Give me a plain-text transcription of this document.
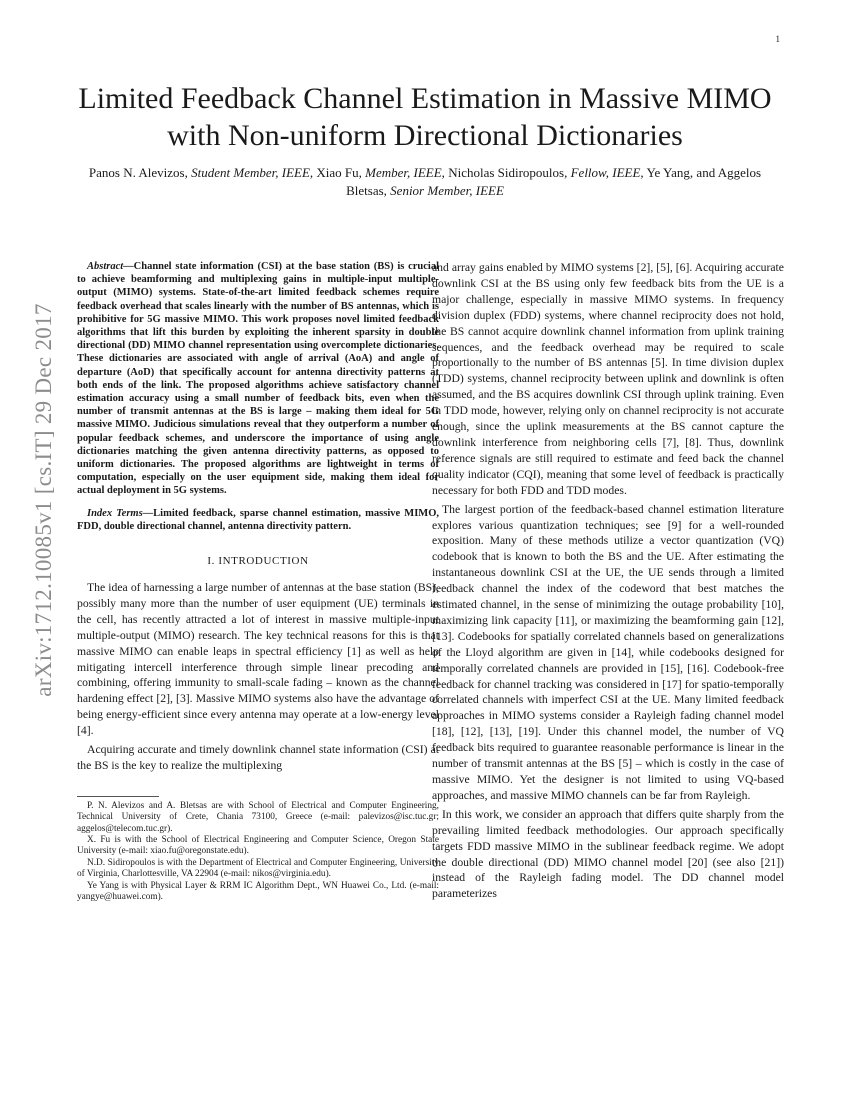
1
arXiv:1712.10085v1 [cs.IT] 29 Dec 2017
Limited Feedback Channel Estimation in Massive MIMO with Non-uniform Directional Dictionaries
Panos N. Alevizos, Student Member, IEEE, Xiao Fu, Member, IEEE, Nicholas Sidiropoulos, Fellow, IEEE, Ye Yang, and Aggelos Bletsas, Senior Member, IEEE

Abstract—Channel state information (CSI) at the base station (BS) is crucial to achieve beamforming and multiplexing gains in multiple-input multiple-output (MIMO) systems. State-of-the-art limited feedback schemes require feedback overhead that scales linearly with the number of BS antennas, which is prohibitive for 5G massive MIMO. This work proposes novel limited feedback algorithms that lift this burden by exploiting the inherent sparsity in double directional (DD) MIMO channel representation using overcomplete dictionaries. These dictionaries are associated with angle of arrival (AoA) and angle of departure (AoD) that specifically account for antenna directivity patterns at both ends of the link. The proposed algorithms achieve satisfactory channel estimation accuracy using a small number of feedback bits, even when the number of transmit antennas at the BS is large – making them ideal for 5G massive MIMO. Judicious simulations reveal that they outperform a number of popular feedback schemes, and underscore the importance of using angle dictionaries matching the given antenna directivity patterns, as opposed to uniform dictionaries. The proposed algorithms are lightweight in terms of computation, especially on the user equipment side, making them ideal for actual deployment in 5G systems.

Index Terms—Limited feedback, sparse channel estimation, massive MIMO, FDD, double directional channel, antenna directivity pattern.

I. INTRODUCTION

The idea of harnessing a large number of antennas at the base station (BS), possibly many more than the number of user equipment (UE) terminals in the cell, has recently attracted a lot of interest in massive multiple-input multiple-output (MIMO) research. The key technical reasons for this is that massive MIMO can enable leaps in spectral efficiency [1] as well as help mitigating intercell interference through simple linear precoding and combining, offering immunity to small-scale fading – known as the channel hardening effect [2], [3]. Massive MIMO systems also have the advantage of being energy-efficient since every antenna may operate at a low-energy level [4].

Acquiring accurate and timely downlink channel state information (CSI) at the BS is the key to realize the multiplexing

P. N. Alevizos and A. Bletsas are with School of Electrical and Computer Engineering, Technical University of Crete, Chania 73100, Greece (e-mail: palevizos@isc.tuc.gr; aggelos@telecom.tuc.gr).

X. Fu is with the School of Electrical Engineering and Computer Science, Oregon State University (e-mail: xiao.fu@oregonstate.edu).

N.D. Sidiropoulos is with the Department of Electrical and Computer Engineering, University of Virginia, Charlottesville, VA 22904 (e-mail: nikos@virginia.edu).

Ye Yang is with Physical Layer & RRM IC Algorithm Dept., WN Huawei Co., Ltd. (e-mail: yangye@huawei.com).

and array gains enabled by MIMO systems [2], [5], [6]. Acquiring accurate downlink CSI at the BS using only few feedback bits from the UE is a major challenge, especially in massive MIMO systems. In frequency division duplex (FDD) systems, where channel reciprocity does not hold, the BS cannot acquire downlink channel information from uplink training sequences, and the feedback overhead may be required to scale proportionally to the number of BS antennas [5]. In time division duplex (TDD) systems, channel reciprocity between uplink and downlink is often assumed, and the BS acquires downlink CSI through uplink training. Even in TDD mode, however, relying only on channel reciprocity is not accurate enough, since the uplink measurements at the BS cannot capture the downlink interference from neighboring cells [7], [8]. Thus, downlink reference signals are still required to estimate and feed back the channel quality indicator (CQI), meaning that some level of feedback is practically necessary for both FDD and TDD modes.

The largest portion of the feedback-based channel estimation literature explores various quantization techniques; see [9] for a well-rounded exposition. Many of these methods utilize a vector quantization (VQ) codebook that is known to both the BS and the UE. After estimating the instantaneous downlink CSI at the UE, the UE sends through a limited feedback channel the index of the codeword that best matches the estimated channel, in the sense of minimizing the outage probability [10], maximizing link capacity [11], or maximizing the beamforming gain [12], [13]. Codebooks for spatially correlated channels based on generalizations of the Lloyd algorithm are given in [14], while codebooks designed for temporally correlated channels are provided in [15], [16]. Codebook-free feedback for channel tracking was considered in [17] for spatio-temporally correlated channels with imperfect CSI at the UE. Many limited feedback approaches in MIMO systems consider a Rayleigh fading channel model [18], [12], [13], [19]. Under this channel model, the number of VQ feedback bits required to guarantee reasonable performance is linear in the number of transmit antennas at the BS [5] – which is costly in the case of massive MIMO. Yet the designer is not limited to using VQ-based approaches, and massive MIMO channels can be far from Rayleigh.

In this work, we consider an approach that differs quite sharply from the prevailing limited feedback methodologies. Our approach specifically targets FDD massive MIMO in the sublinear feedback regime. We adopt the double directional (DD) MIMO channel model [20] (see also [21]) instead of the Rayleigh fading model. The DD channel model parameterizes
